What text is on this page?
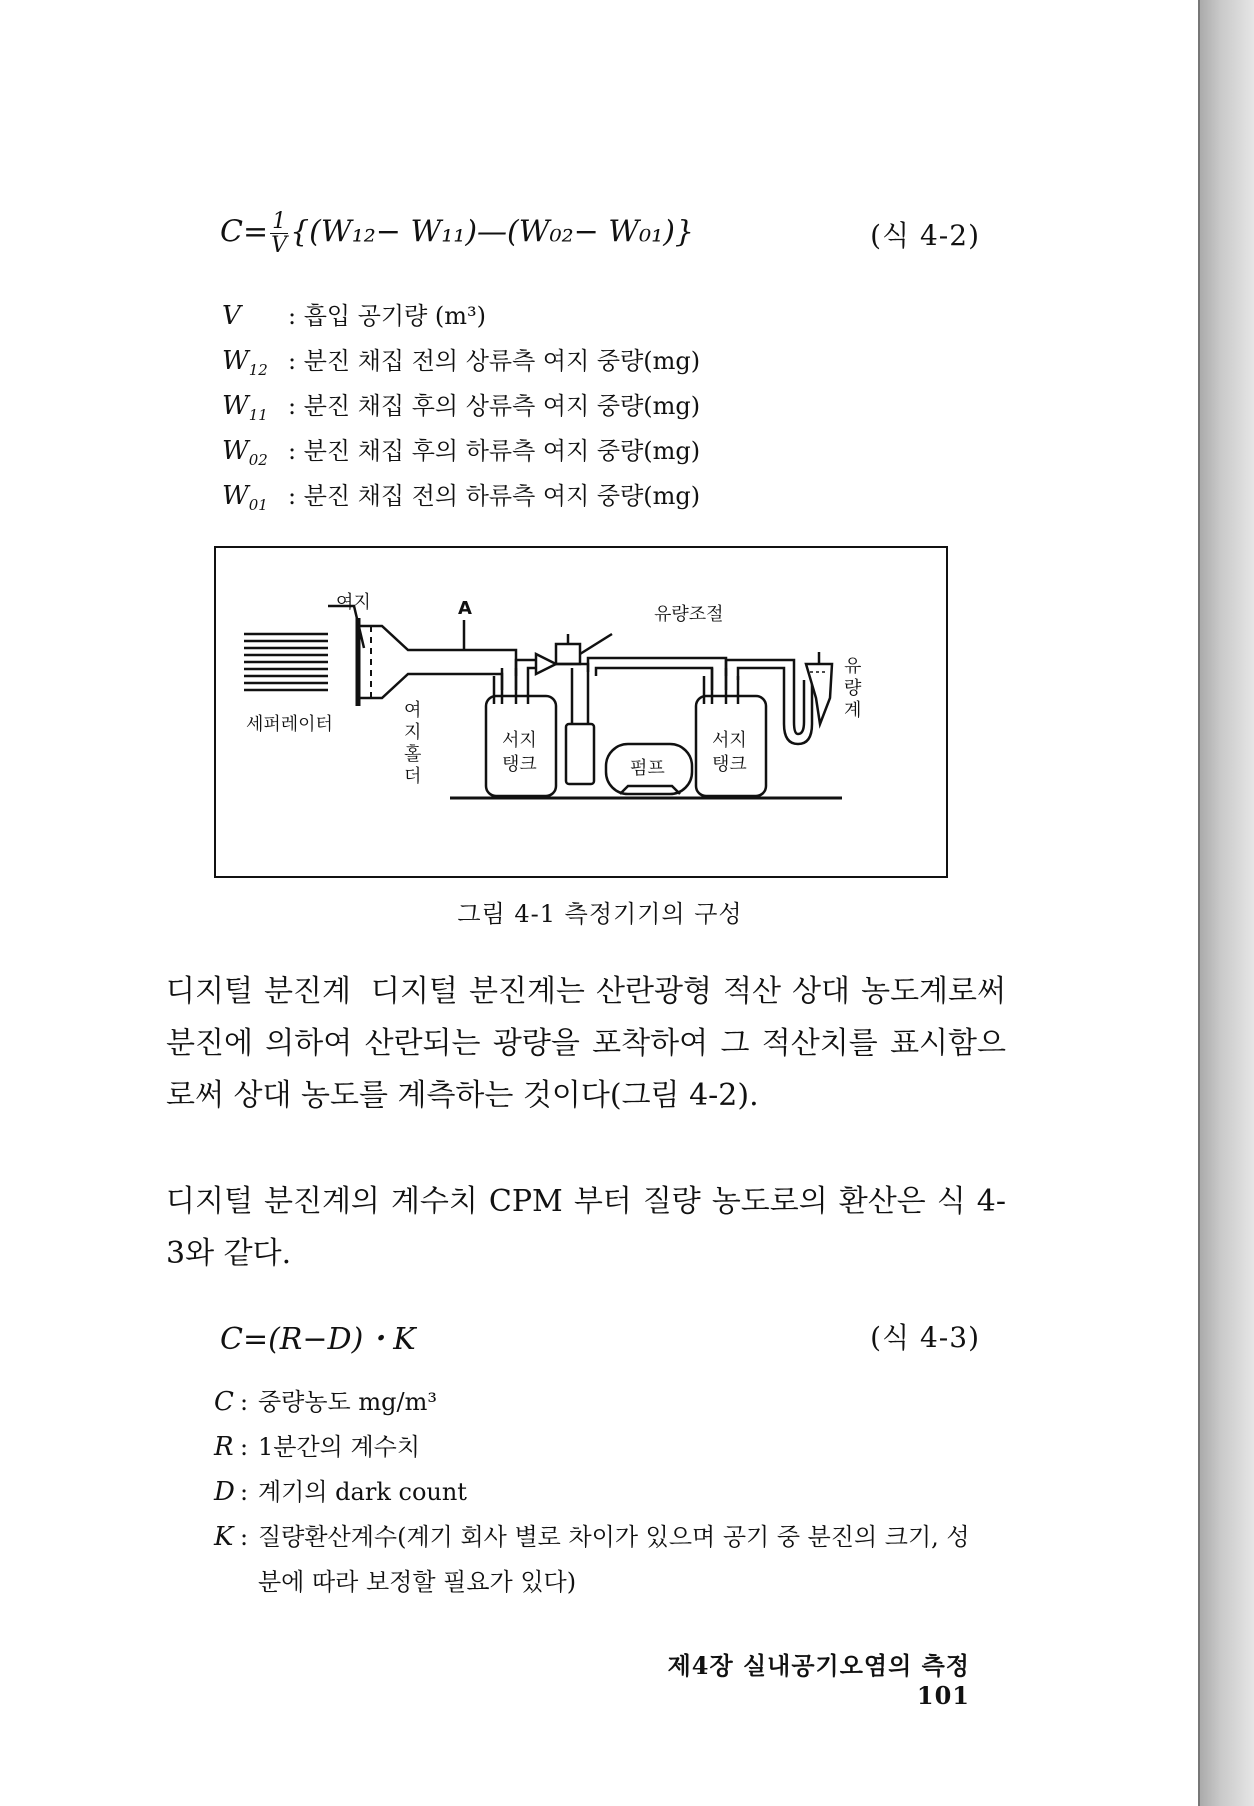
$C= \frac{1}{V} \{(W_{12}-$ W₁₁)—(W₀₂− W₀₁)}	(식 4-2)
V	: 흡입 공기량 (m³)
$W_{12}$ : 분진 채집 전의 상류측 여지 중량(mg)
$W_{11}$ : 분진 채집 후의 상류측 여지 중량(mg)
$W_{02}$ : 분진 채집 후의 하류측 여지 중량(mg)
$W_{01}$ : 분진 채집 전의 하류측 여지 중량(mg)
여지	A	유량조절
세퍼레이터
여
지
홀
더
서지
탱크	펌프
서지
탱크
유
량
계
그림 4-1 측정기기의 구성
디지털 분진계 디지털 분진계는 산란광형 적산 상대 농도계로써 분진에 의하여 산란되는 광량을 포착하여 그 적산치를 표시함으로써 상대 농도를 계측하는 것이다(그림 4-2).
디지털 분진계의 계수치 CPM 부터 질량 농도로의 환산은 식 4-3와 같다.
C=(R−D)・K	(식 4-3)
C : 중량농도 mg/m³
R : 1분간의 계수치
D : 계기의 dark count
K : 질량환산계수(계기 회사 별로 차이가 있으며 공기 중 분진의 크기, 성
분에 따라 보정할 필요가 있다)
제4장 실내공기오염의 측정101
